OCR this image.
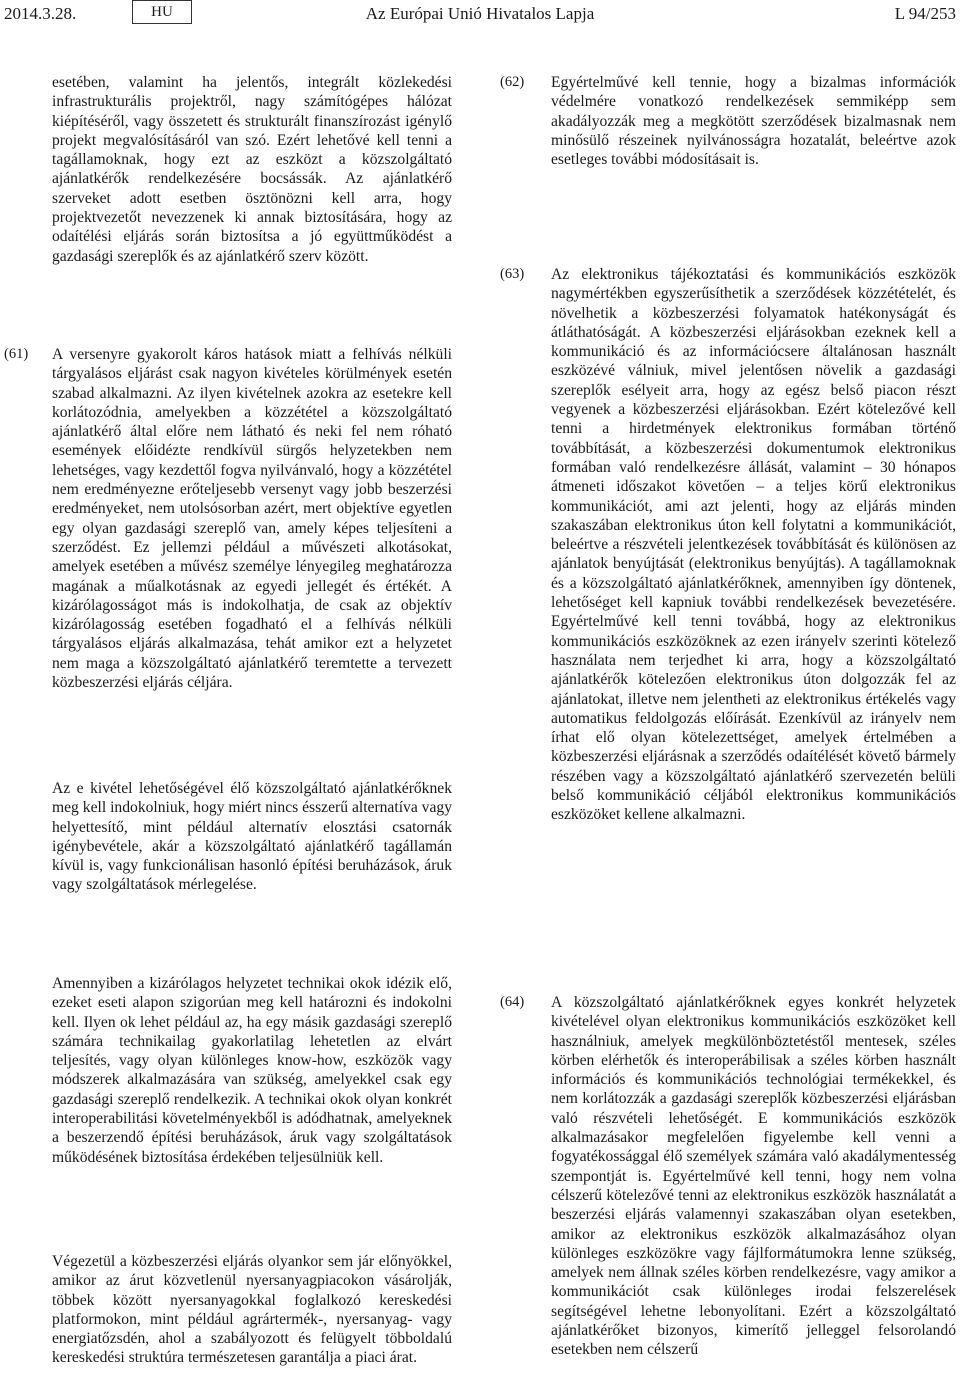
2014.3.28.	HU	Az Európai Unió Hivatalos Lapja	L 94/253

esetében, valamint ha jelentős, integrált közlekedési infrastrukturális projektről, nagy számítógépes hálózat kiépítéséről, vagy összetett és strukturált finanszírozást igénylő projekt megvalósításáról van szó. Ezért lehetővé kell tenni a tagállamoknak, hogy ezt az eszközt a közszolgáltató ajánlatkérők rendelkezésére bocsássák. Az ajánlatkérő szerveket adott esetben ösztönözni kell arra, hogy projektvezetőt nevezzenek ki annak biztosítására, hogy az odaítélési eljárás során biztosítsa a jó együttműködést a gazdasági szereplők és az ajánlatkérő szerv között.

(61) A versenyre gyakorolt káros hatások miatt a felhívás nélküli tárgyalásos eljárást csak nagyon kivételes körülmények esetén szabad alkalmazni. Az ilyen kivételnek azokra az esetekre kell korlátozódnia, amelyekben a közzététel a közszolgáltató ajánlatkérő által előre nem látható és neki fel nem róható események előidézte rendkívül sürgős helyzetekben nem lehetséges, vagy kezdettől fogva nyilvánvaló, hogy a közzététel nem eredményezne erőteljesebb versenyt vagy jobb beszerzési eredményeket, nem utolsósorban azért, mert objektíve egyetlen egy olyan gazdasági szereplő van, amely képes teljesíteni a szerződést. Ez jellemzi például a művészeti alkotásokat, amelyek esetében a művész személye lényegileg meghatározza magának a műalkotásnak az egyedi jellegét és értékét. A kizárólagosságot más is indokolhatja, de csak az objektív kizárólagosság esetében fogadható el a felhívás nélküli tárgyalásos eljárás alkalmazása, tehát amikor ezt a helyzetet nem maga a közszolgáltató ajánlatkérő teremtette a tervezett közbeszerzési eljárás céljára.

Az e kivétel lehetőségével élő közszolgáltató ajánlatkérőknek meg kell indokolniuk, hogy miért nincs ésszerű alternatíva vagy helyettesítő, mint például alternatív elosztási csatornák igénybevétele, akár a közszolgáltató ajánlatkérő tagállamán kívül is, vagy funkcionálisan hasonló építési beruházások, áruk vagy szolgáltatások mérlegelése.

Amennyiben a kizárólagos helyzetet technikai okok idézik elő, ezeket eseti alapon szigorúan meg kell határozni és indokolni kell. Ilyen ok lehet például az, ha egy másik gazdasági szereplő számára technikailag gyakorlatilag lehetetlen az elvárt teljesítés, vagy olyan különleges know-how, eszközök vagy módszerek alkalmazására van szükség, amelyekkel csak egy gazdasági szereplő rendelkezik. A technikai okok olyan konkrét interoperabilitási követelményekből is adódhatnak, amelyeknek a beszerzendő építési beruházások, áruk vagy szolgáltatások működésének biztosítása érdekében teljesülniük kell.

Végezetül a közbeszerzési eljárás olyankor sem jár előnyökkel, amikor az árut közvetlenül nyersanyagpiacokon vásárolják, többek között nyersanyagokkal foglalkozó kereskedési platformokon, mint például agrártermék-, nyersanyag- vagy energiatőzsdén, ahol a szabályozott és felügyelt többoldalú kereskedési struktúra természetesen garantálja a piaci árat.

(62) Egyértelművé kell tennie, hogy a bizalmas információk védelmére vonatkozó rendelkezések semmiképp sem akadályozzák meg a megkötött szerződések bizalmasnak nem minősülő részeinek nyilvánosságra hozatalát, beleértve azok esetleges további módosításait is.

(63) Az elektronikus tájékoztatási és kommunikációs eszközök nagymértékben egyszerűsíthetik a szerződések közzétételét, és növelhetik a közbeszerzési folyamatok hatékonyságát és átláthatóságát. A közbeszerzési eljárásokban ezeknek kell a kommunikáció és az információcsere általánosan használt eszközévé válniuk, mivel jelentősen növelik a gazdasági szereplők esélyeit arra, hogy az egész belső piacon részt vegyenek a közbeszerzési eljárásokban. Ezért kötelezővé kell tenni a hirdetmények elektronikus formában történő továbbítását, a közbeszerzési dokumentumok elektronikus formában való rendelkezésre állását, valamint – 30 hónapos átmeneti időszakot követően – a teljes körű elektronikus kommunikációt, ami azt jelenti, hogy az eljárás minden szakaszában elektronikus úton kell folytatni a kommunikációt, beleértve a részvételi jelentkezések továbbítását és különösen az ajánlatok benyújtását (elektronikus benyújtás). A tagállamoknak és a közszolgáltató ajánlatkérőknek, amennyiben így döntenek, lehetőséget kell kapniuk további rendelkezések bevezetésére. Egyértelművé kell tenni továbbá, hogy az elektronikus kommunikációs eszközöknek az ezen irányelv szerinti kötelező használata nem terjedhet ki arra, hogy a közszolgáltató ajánlatkérők kötelezően elektronikus úton dolgozzák fel az ajánlatokat, illetve nem jelentheti az elektronikus értékelés vagy automatikus feldolgozás előírását. Ezenkívül az irányelv nem írhat elő olyan kötelezettséget, amelyek értelmében a közbeszerzési eljárásnak a szerződés odaítélését követő bármely részében vagy a közszolgáltató ajánlatkérő szervezetén belüli belső kommunikáció céljából elektronikus kommunikációs eszközöket kellene alkalmazni.

(64) A közszolgáltató ajánlatkérőknek egyes konkrét helyzetek kivételével olyan elektronikus kommunikációs eszközöket kell használniuk, amelyek megkülönböztetéstől mentesek, széles körben elérhetők és interoperábilisak a széles körben használt információs és kommunikációs technológiai termékekkel, és nem korlátozzák a gazdasági szereplők közbeszerzési eljárásban való részvételi lehetőségét. E kommunikációs eszközök alkalmazásakor megfelelően figyelembe kell venni a fogyatékossággal élő személyek számára való akadálymentesség szempontját is. Egyértelművé kell tenni, hogy nem volna célszerű kötelezővé tenni az elektronikus eszközök használatát a beszerzési eljárás valamennyi szakaszában olyan esetekben, amikor az elektronikus eszközök alkalmazásához olyan különleges eszközökre vagy fájlformátumokra lenne szükség, amelyek nem állnak széles körben rendelkezésre, vagy amikor a kommunikációt csak különleges irodai felszerelések segítségével lehetne lebonyolítani. Ezért a közszolgáltató ajánlatkérőket bizonyos, kimerítő jelleggel felsorolandó esetekben nem célszerű
